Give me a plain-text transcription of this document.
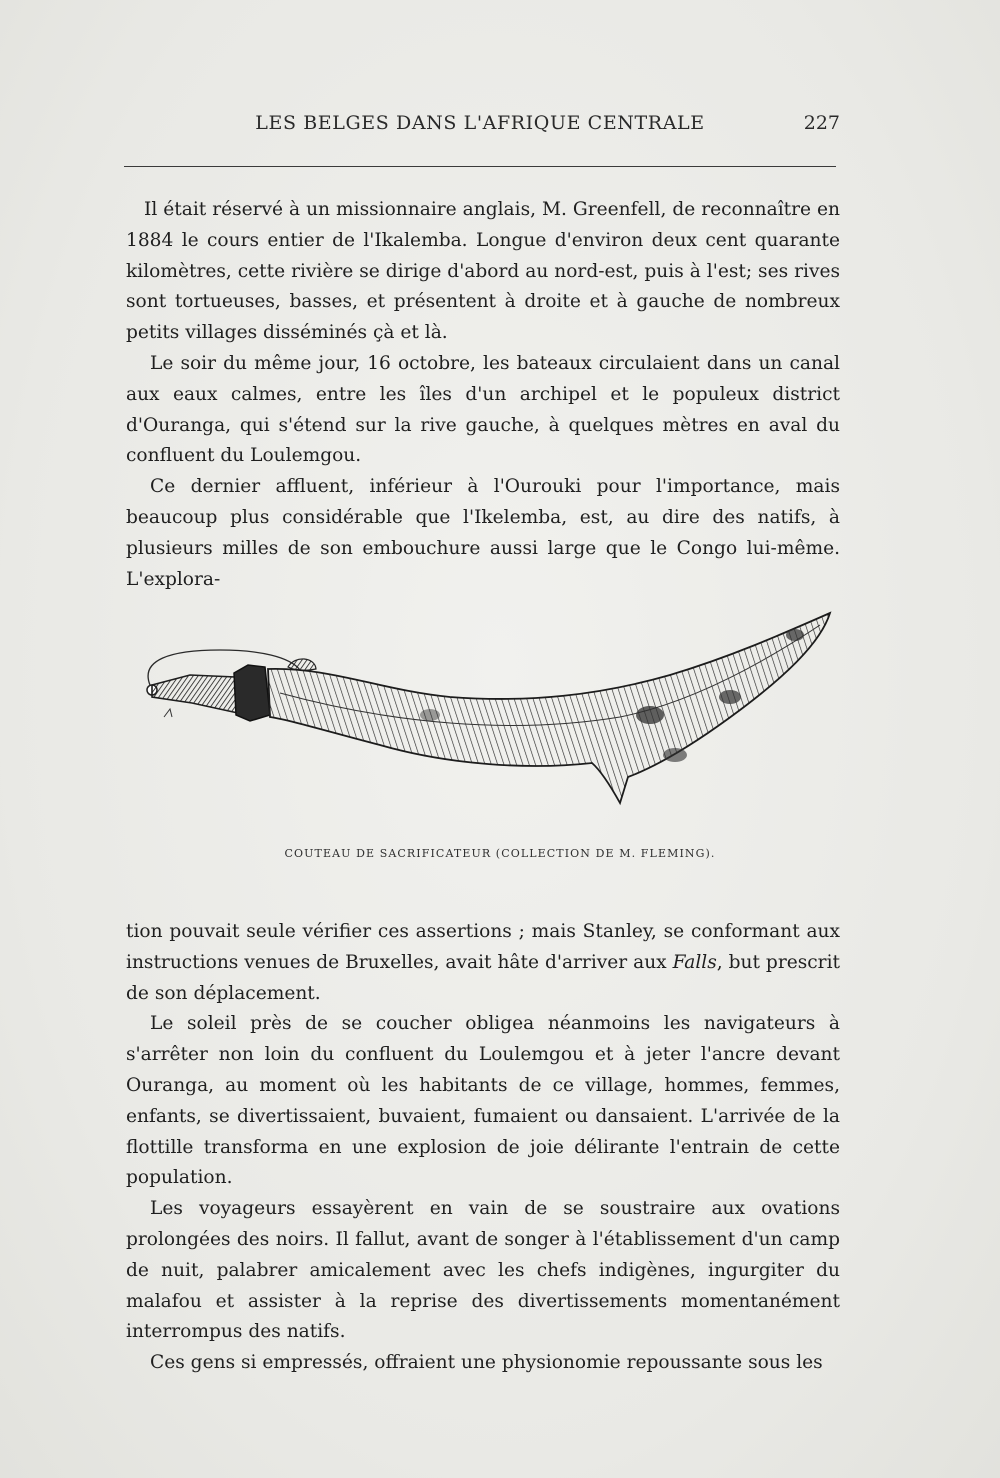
LES BELGES DANS L'AFRIQUE CENTRALE	227

Il était réservé à un missionnaire anglais, M. Greenfell, de reconnaître en 1884 le cours entier de l'Ikalemba. Longue d'environ deux cent quarante kilomètres, cette rivière se dirige d'abord au nord-est, puis à l'est; ses rives sont tortueuses, basses, et présentent à droite et à gauche de nombreux petits villages disséminés çà et là.

Le soir du même jour, 16 octobre, les bateaux circulaient dans un canal aux eaux calmes, entre les îles d'un archipel et le populeux district d'Ouranga, qui s'étend sur la rive gauche, à quelques mètres en aval du confluent du Loulemgou.

Ce dernier affluent, inférieur à l'Ourouki pour l'importance, mais beaucoup plus considérable que l'Ikelemba, est, au dire des natifs, à plusieurs milles de son embouchure aussi large que le Congo lui-même. L'explora-

COUTEAU DE SACRIFICATEUR (COLLECTION DE M. FLEMING).

tion pouvait seule vérifier ces assertions ; mais Stanley, se conformant aux instructions venues de Bruxelles, avait hâte d'arriver aux Falls, but prescrit de son déplacement.

Le soleil près de se coucher obligea néanmoins les navigateurs à s'arrêter non loin du confluent du Loulemgou et à jeter l'ancre devant Ouranga, au moment où les habitants de ce village, hommes, femmes, enfants, se divertissaient, buvaient, fumaient ou dansaient. L'arrivée de la flottille transforma en une explosion de joie délirante l'entrain de cette population.

Les voyageurs essayèrent en vain de se soustraire aux ovations prolongées des noirs. Il fallut, avant de songer à l'établissement d'un camp de nuit, palabrer amicalement avec les chefs indigènes, ingurgiter du malafou et assister à la reprise des divertissements momentanément interrompus des natifs.

Ces gens si empressés, offraient une physionomie repoussante sous les
